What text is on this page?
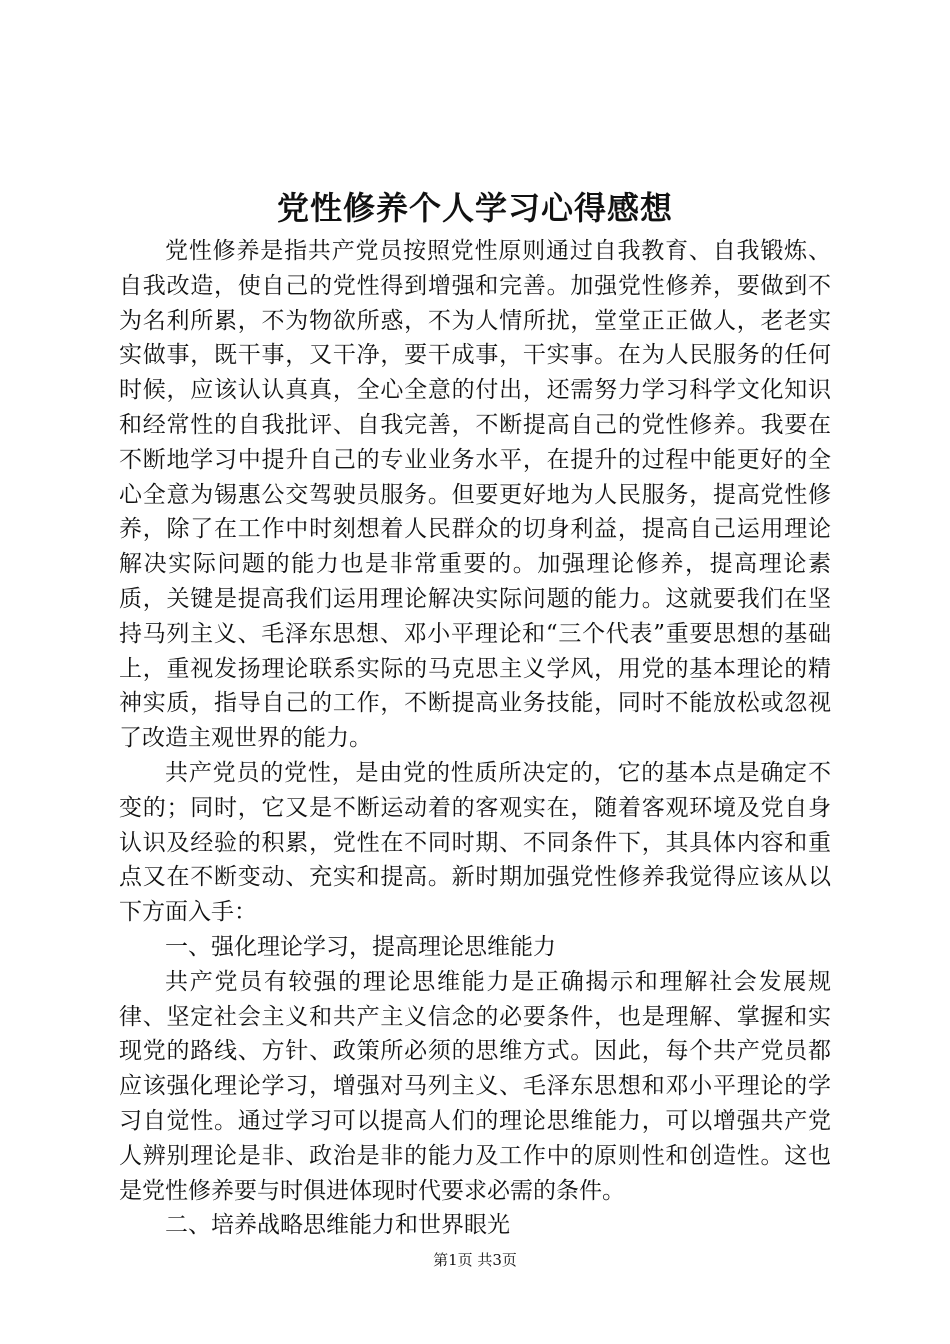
党性修养个人学习心得感想

党性修养是指共产党员按照党性原则通过自我教育、自我锻炼、自我改造，使自己的党性得到增强和完善。加强党性修养，要做到不为名利所累，不为物欲所惑，不为人情所扰，堂堂正正做人，老老实实做事，既干事，又干净，要干成事，干实事。在为人民服务的任何时候，应该认认真真，全心全意的付出，还需努力学习科学文化知识和经常性的自我批评、自我完善，不断提高自己的党性修养。我要在不断地学习中提升自己的专业业务水平，在提升的过程中能更好的全心全意为锡惠公交驾驶员服务。但要更好地为人民服务，提高党性修养，除了在工作中时刻想着人民群众的切身利益，提高自己运用理论解决实际问题的能力也是非常重要的。加强理论修养，提高理论素质，关键是提高我们运用理论解决实际问题的能力。这就要我们在坚持马列主义、毛泽东思想、邓小平理论和“三个代表”重要思想的基础上，重视发扬理论联系实际的马克思主义学风，用党的基本理论的精神实质，指导自己的工作，不断提高业务技能，同时不能放松或忽视了改造主观世界的能力。

共产党员的党性，是由党的性质所决定的，它的基本点是确定不变的；同时，它又是不断运动着的客观实在，随着客观环境及党自身认识及经验的积累，党性在不同时期、不同条件下，其具体内容和重点又在不断变动、充实和提高。新时期加强党性修养我觉得应该从以下方面入手：

一、强化理论学习，提高理论思维能力

共产党员有较强的理论思维能力是正确揭示和理解社会发展规律、坚定社会主义和共产主义信念的必要条件，也是理解、掌握和实现党的路线、方针、政策所必须的思维方式。因此，每个共产党员都应该强化理论学习，增强对马列主义、毛泽东思想和邓小平理论的学习自觉性。通过学习可以提高人们的理论思维能力，可以增强共产党人辨别理论是非、政治是非的能力及工作中的原则性和创造性。这也是党性修养要与时俱进体现时代要求必需的条件。

二、培养战略思维能力和世界眼光

第1页 共3页
